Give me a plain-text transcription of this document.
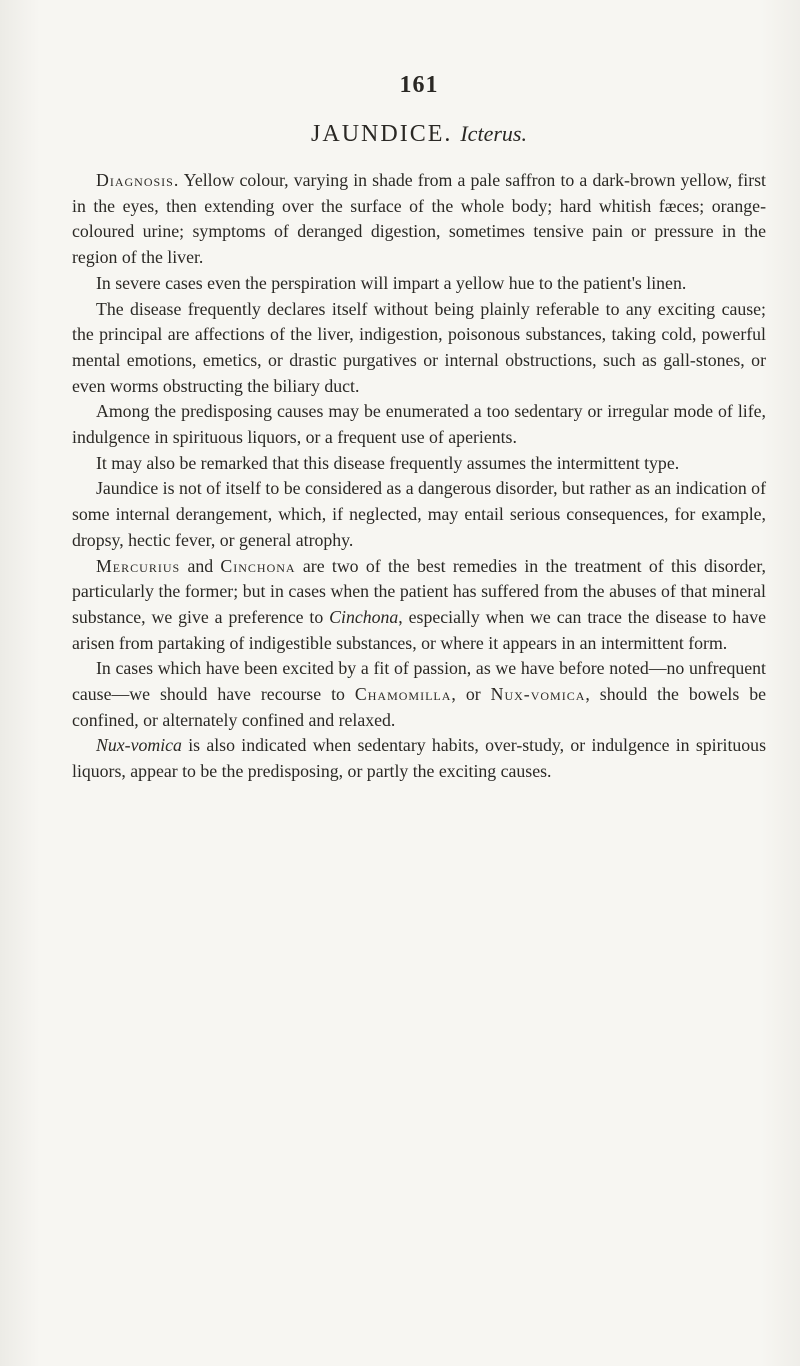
161
JAUNDICE. Icterus.

Diagnosis. Yellow colour, varying in shade from a pale saffron to a dark-brown yellow, first in the eyes, then extending over the surface of the whole body; hard whitish fæces; orange-coloured urine; symptoms of deranged digestion, sometimes tensive pain or pressure in the region of the liver.

In severe cases even the perspiration will impart a yellow hue to the patient's linen.

The disease frequently declares itself without being plainly referable to any exciting cause; the principal are affections of the liver, indigestion, poisonous substances, taking cold, powerful mental emotions, emetics, or drastic purgatives or internal obstructions, such as gall-stones, or even worms obstructing the biliary duct.

Among the predisposing causes may be enumerated a too sedentary or irregular mode of life, indulgence in spirituous liquors, or a frequent use of aperients.

It may also be remarked that this disease frequently assumes the intermittent type.

Jaundice is not of itself to be considered as a dangerous disorder, but rather as an indication of some internal derangement, which, if neglected, may entail serious consequences, for example, dropsy, hectic fever, or general atrophy.

Mercurius and Cinchona are two of the best remedies in the treatment of this disorder, particularly the former; but in cases when the patient has suffered from the abuses of that mineral substance, we give a preference to Cinchona, especially when we can trace the disease to have arisen from partaking of indigestible substances, or where it appears in an intermittent form.

In cases which have been excited by a fit of passion, as we have before noted—no unfrequent cause—we should have recourse to Chamomilla, or Nux-vomica, should the bowels be confined, or alternately confined and relaxed.

Nux-vomica is also indicated when sedentary habits, over-study, or indulgence in spirituous liquors, appear to be the predisposing, or partly the exciting causes.
